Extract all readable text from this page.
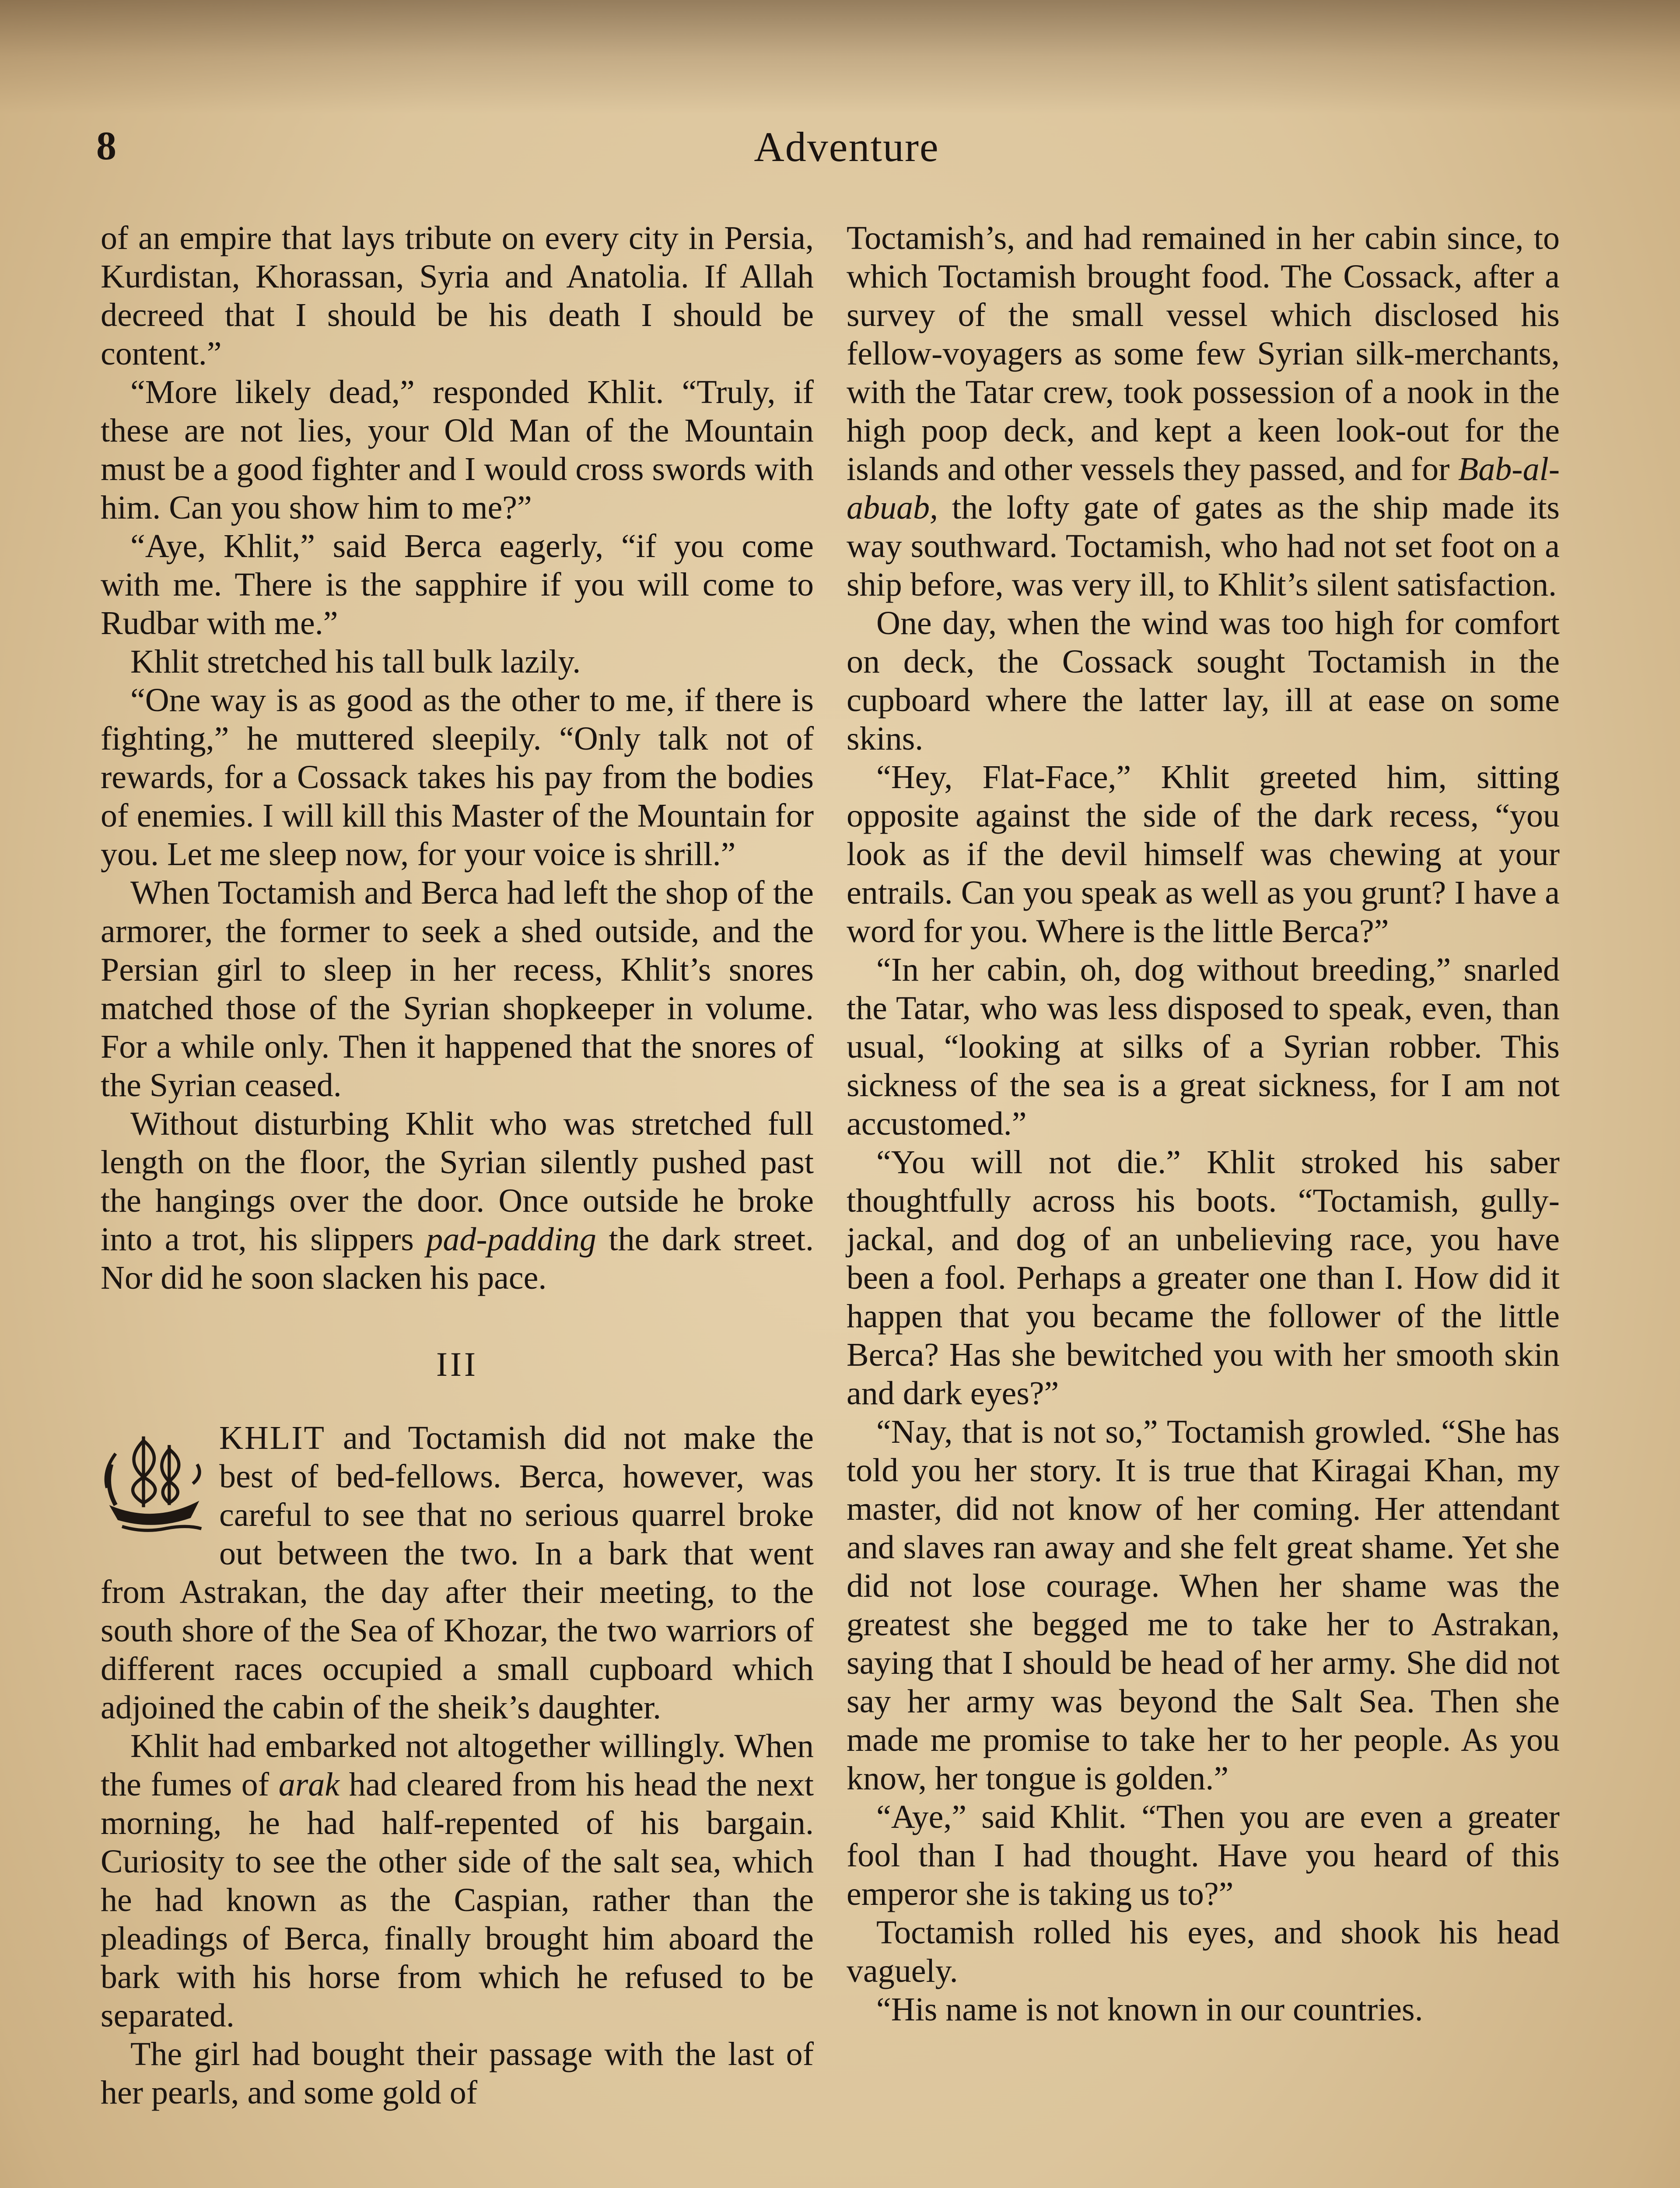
Adventure
8

of an empire that lays tribute on every city in Persia, Kurdistan, Khorassan, Syria and Anatolia. If Allah decreed that I should be his death I should be content.”

“More likely dead,” responded Khlit. “Truly, if these are not lies, your Old Man of the Mountain must be a good fighter and I would cross swords with him. Can you show him to me?”

“Aye, Khlit,” said Berca eagerly, “if you come with me. There is the sapphire if you will come to Rudbar with me.”

Khlit stretched his tall bulk lazily.

“One way is as good as the other to me, if there is fighting,” he muttered sleepily. “Only talk not of rewards, for a Cossack takes his pay from the bodies of enemies. I will kill this Master of the Mountain for you. Let me sleep now, for your voice is shrill.”

When Toctamish and Berca had left the shop of the armorer, the former to seek a shed outside, and the Persian girl to sleep in her recess, Khlit’s snores matched those of the Syrian shopkeeper in volume. For a while only. Then it happened that the snores of the Syrian ceased.

Without disturbing Khlit who was stretched full length on the floor, the Syrian silently pushed past the hangings over the door. Once outside he broke into a trot, his slippers pad-padding the dark street. Nor did he soon slacken his pace.

III

KHLIT and Toctamish did not make the best of bed-fellows. Berca, however, was careful to see that no serious quarrel broke out between the two. In a bark that went from Astrakan, the day after their meeting, to the south shore of the Sea of Khozar, the two warriors of different races occupied a small cupboard which adjoined the cabin of the sheik’s daughter.

Khlit had embarked not altogether willingly. When the fumes of arak had cleared from his head the next morning, he had half-repented of his bargain. Curiosity to see the other side of the salt sea, which he had known as the Caspian, rather than the pleadings of Berca, finally brought him aboard the bark with his horse from which he refused to be separated.

The girl had bought their passage with the last of her pearls, and some gold of

Toctamish’s, and had remained in her cabin since, to which Toctamish brought food. The Cossack, after a survey of the small vessel which disclosed his fellow-voyagers as some few Syrian silk-merchants, with the Tatar crew, took possession of a nook in the high poop deck, and kept a keen look-out for the islands and other vessels they passed, and for Bab-al-abuab, the lofty gate of gates as the ship made its way southward. Toctamish, who had not set foot on a ship before, was very ill, to Khlit’s silent satisfaction.

One day, when the wind was too high for comfort on deck, the Cossack sought Toctamish in the cupboard where the latter lay, ill at ease on some skins.

“Hey, Flat-Face,” Khlit greeted him, sitting opposite against the side of the dark recess, “you look as if the devil himself was chewing at your entrails. Can you speak as well as you grunt? I have a word for you. Where is the little Berca?”

“In her cabin, oh, dog without breeding,” snarled the Tatar, who was less disposed to speak, even, than usual, “looking at silks of a Syrian robber. This sickness of the sea is a great sickness, for I am not accustomed.”

“You will not die.” Khlit stroked his saber thoughtfully across his boots. “Toctamish, gully-jackal, and dog of an unbelieving race, you have been a fool. Perhaps a greater one than I. How did it happen that you became the follower of the little Berca? Has she bewitched you with her smooth skin and dark eyes?”

“Nay, that is not so,” Toctamish growled. “She has told you her story. It is true that Kiragai Khan, my master, did not know of her coming. Her attendant and slaves ran away and she felt great shame. Yet she did not lose courage. When her shame was the greatest she begged me to take her to Astrakan, saying that I should be head of her army. She did not say her army was beyond the Salt Sea. Then she made me promise to take her to her people. As you know, her tongue is golden.”

“Aye,” said Khlit. “Then you are even a greater fool than I had thought. Have you heard of this emperor she is taking us to?”

Toctamish rolled his eyes, and shook his head vaguely.

“His name is not known in our countries.
